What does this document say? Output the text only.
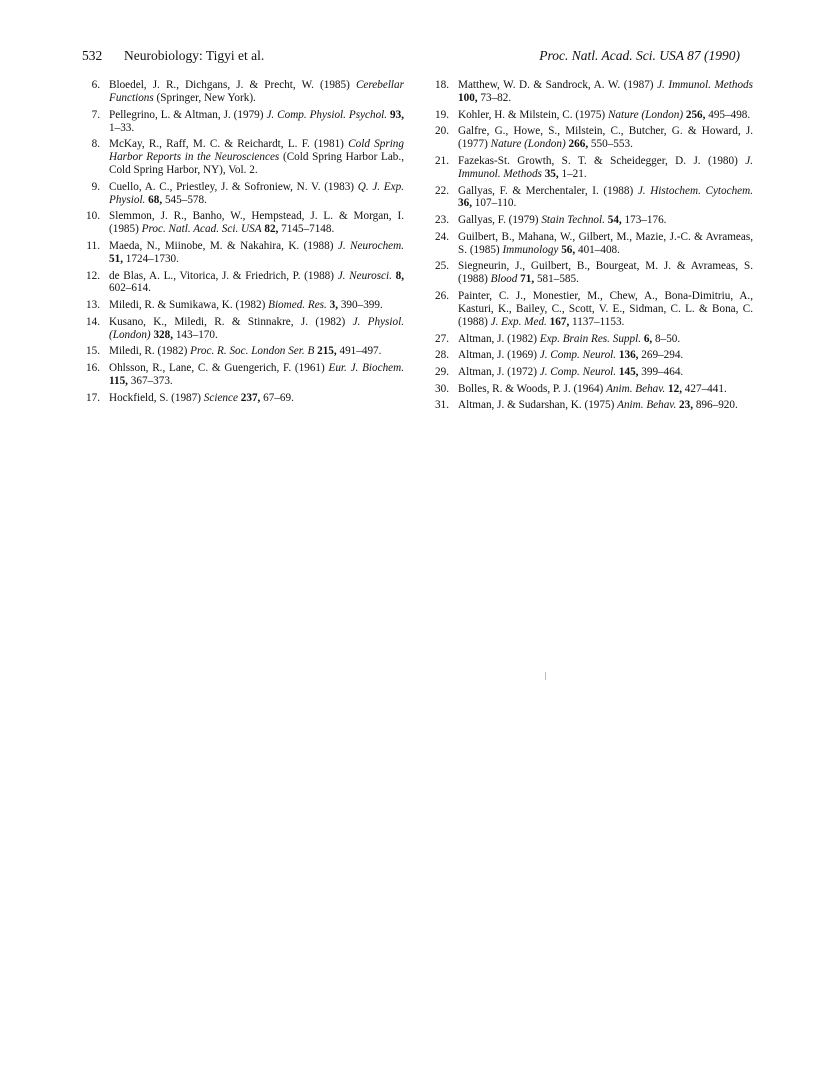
532 Neurobiology: Tigyi et al.	Proc. Natl. Acad. Sci. USA 87 (1990)
6. Bloedel, J. R., Dichgans, J. & Precht, W. (1985) Cerebellar Functions (Springer, New York).
7. Pellegrino, L. & Altman, J. (1979) J. Comp. Physiol. Psychol. 93, 1–33.
8. McKay, R., Raff, M. C. & Reichardt, L. F. (1981) Cold Spring Harbor Reports in the Neurosciences (Cold Spring Harbor Lab., Cold Spring Harbor, NY), Vol. 2.
9. Cuello, A. C., Priestley, J. & Sofroniew, N. V. (1983) Q. J. Exp. Physiol. 68, 545–578.
10. Slemmon, J. R., Banho, W., Hempstead, J. L. & Morgan, I. (1985) Proc. Natl. Acad. Sci. USA 82, 7145–7148.
11. Maeda, N., Miinobe, M. & Nakahira, K. (1988) J. Neurochem. 51, 1724–1730.
12. de Blas, A. L., Vitorica, J. & Friedrich, P. (1988) J. Neurosci. 8, 602–614.
13. Miledi, R. & Sumikawa, K. (1982) Biomed. Res. 3, 390–399.
14. Kusano, K., Miledi, R. & Stinnakre, J. (1982) J. Physiol. (London) 328, 143–170.
15. Miledi, R. (1982) Proc. R. Soc. London Ser. B 215, 491–497.
16. Ohlsson, R., Lane, C. & Guengerich, F. (1961) Eur. J. Biochem. 115, 367–373.
17. Hockfield, S. (1987) Science 237, 67–69.
18. Matthew, W. D. & Sandrock, A. W. (1987) J. Immunol. Methods 100, 73–82.
19. Kohler, H. & Milstein, C. (1975) Nature (London) 256, 495–498.
20. Galfre, G., Howe, S., Milstein, C., Butcher, G. & Howard, J. (1977) Nature (London) 266, 550–553.
21. Fazekas-St. Growth, S. T. & Scheidegger, D. J. (1980) J. Immunol. Methods 35, 1–21.
22. Gallyas, F. & Merchentaler, I. (1988) J. Histochem. Cytochem. 36, 107–110.
23. Gallyas, F. (1979) Stain Technol. 54, 173–176.
24. Guilbert, B., Mahana, W., Gilbert, M., Mazie, J.-C. & Avrameas, S. (1985) Immunology 56, 401–408.
25. Siegneurin, J., Guilbert, B., Bourgeat, M. J. & Avrameas, S. (1988) Blood 71, 581–585.
26. Painter, C. J., Monestier, M., Chew, A., Bona-Dimitriu, A., Kasturi, K., Bailey, C., Scott, V. E., Sidman, C. L. & Bona, C. (1988) J. Exp. Med. 167, 1137–1153.
27. Altman, J. (1982) Exp. Brain Res. Suppl. 6, 8–50.
28. Altman, J. (1969) J. Comp. Neurol. 136, 269–294.
29. Altman, J. (1972) J. Comp. Neurol. 145, 399–464.
30. Bolles, R. & Woods, P. J. (1964) Anim. Behav. 12, 427–441.
31. Altman, J. & Sudarshan, K. (1975) Anim. Behav. 23, 896–920.
